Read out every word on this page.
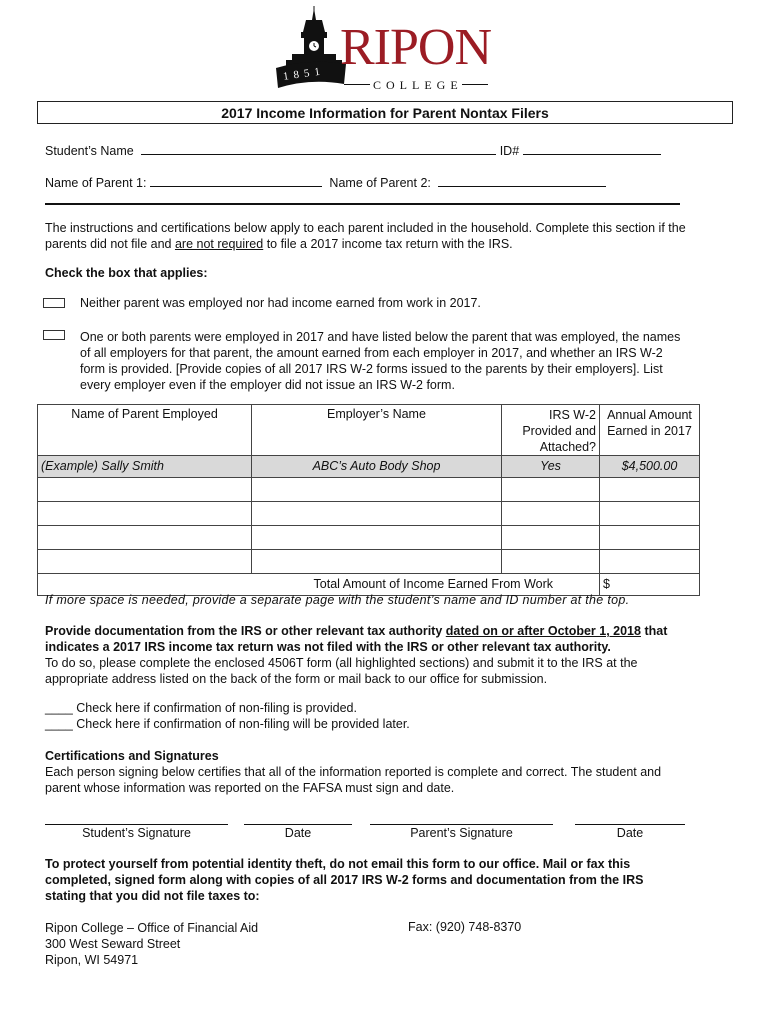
1851 RIPON
COLLEGE
2017 Income Information for Parent Nontax Filers
Student’s Name	ID#
Name of Parent 1:	Name of Parent 2:

The instructions and certifications below apply to each parent included in the household. Complete this section if the

parents did not file and are not required to file a 2017 income tax return with the IRS.

Check the box that applies:
Neither parent was employed nor had income earned from work in 2017.

One or both parents were employed in 2017 and have listed below the parent that was employed, the names

of all employers for that parent, the amount earned from each employer in 2017, and whether an IRS W-2

form is provided. [Provide copies of all 2017 IRS W-2 forms issued to the parents by their employers]. List

every employer even if the employer did not issue an IRS W-2 form.

Name of Parent Employed	Employer’s Name	IRS W-2 Provided and Attached?	Annual Amount Earned in 2017
(Example) Sally Smith	ABC’s Auto Body Shop	Yes	$4,500.00

Total Amount of Income Earned From Work			$
If more space is needed, provide a separate page with the student’s name and ID number at the top.

Provide documentation from the IRS or other relevant tax authority dated on or after October 1, 2018 that

indicates a 2017 IRS income tax return was not filed with the IRS or other relevant tax authority.

To do so, please complete the enclosed 4506T form (all highlighted sections) and submit it to the IRS at the

appropriate address listed on the back of the form or mail back to our office for submission.

____ Check here if confirmation of non-filing is provided.
____ Check here if confirmation of non-filing will be provided later.

Certifications and Signatures

Each person signing below certifies that all of the information reported is complete and correct. The student and

parent whose information was reported on the FAFSA must sign and date.

Student’s Signature	Date	Parent’s Signature	Date

To protect yourself from potential identity theft, do not email this form to our office. Mail or fax this

completed, signed form along with copies of all 2017 IRS W-2 forms and documentation from the IRS

stating that you did not file taxes to:

Ripon College – Office of Financial Aid

300 West Seward Street

Ripon, WI 54971

Fax: (920) 748-8370
